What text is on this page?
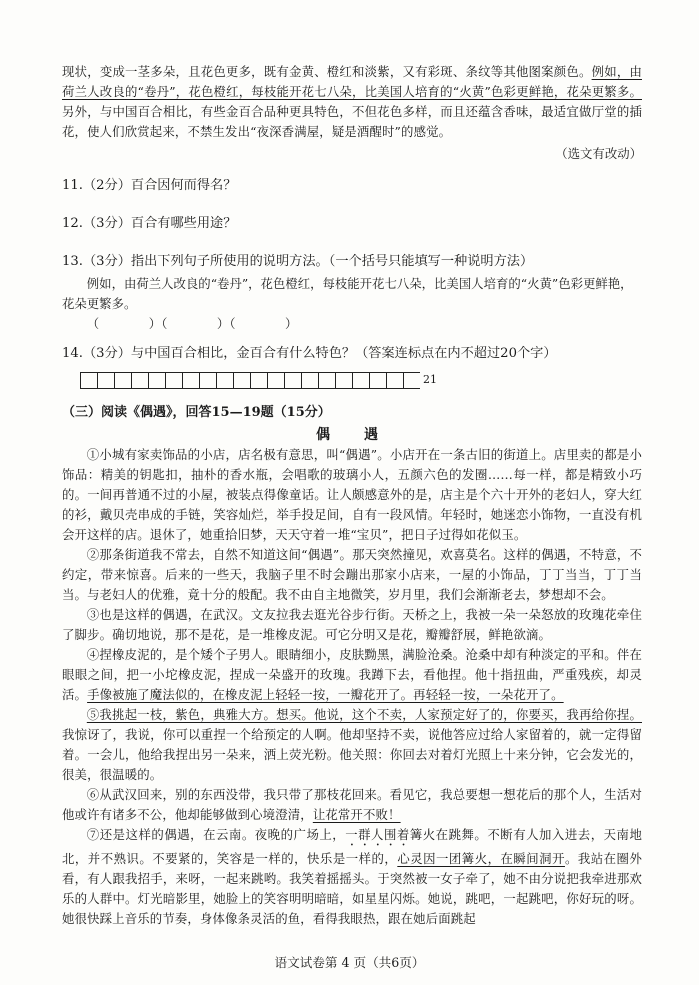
现状，变成一茎多朵，且花色更多，既有金黄、橙红和淡紫，又有彩斑、条纹等其他图案颜色。例如，由荷兰人改良的“卷丹”，花色橙红，每枝能开花七八朵，比美国人培育的“火黄”色彩更鲜艳，花朵更繁多。另外，与中国百合相比，有些金百合品种更具特色，不但花色多样，而且还蕴含香味，最适宜做厅堂的插花，使人们欣赏起来，不禁生发出“夜深香满屋，疑是酒醒时”的感觉。

（选文有改动）

11.（2分）百合因何而得名？

12.（3分）百合有哪些用途？

13.（3分）指出下列句子所使用的说明方法。（一个括号只能填写一种说明方法）

例如，由荷兰人改良的“卷丹”，花色橙红，每枝能开花七八朵，比美国人培育的“火黄”色彩更鲜艳，花朵更繁多。

（　　　　）（　　　　）（　　　　）

14.（3分）与中国百合相比，金百合有什么特色？（答案连标点在内不超过20个字）

21

（三）阅读《偶遇》，回答15—19题（15分）

偶　遇

①小城有家卖饰品的小店，店名极有意思，叫“偶遇”。小店开在一条古旧的街道上。店里卖的都是小饰品：精美的钥匙扣，抽朴的香水瓶，会唱歌的玻璃小人，五颜六色的发圈……每一样，都是精致小巧的。一间再普通不过的小屋，被装点得像童话。让人颇感意外的是，店主是个六十开外的老妇人，穿大红的衫，戴贝壳串成的手链，笑容灿烂，举手投足间，自有一段风情。年轻时，她迷恋小饰物，一直没有机会开这样的店。退休了，她重拾旧梦，天天守着一堆“宝贝”，把日子过得如花似玉。

②那条街道我不常去，自然不知道这间“偶遇”。那天突然撞见，欢喜莫名。这样的偶遇，不特意，不约定，带来惊喜。后来的一些天，我脑子里不时会蹦出那家小店来，一屋的小饰品，丁丁当当，丁丁当当。与老妇人的优雅，竟十分的般配。我不由自主地微笑，岁月里，我们会渐渐老去，梦想却不会。

③也是这样的偶遇，在武汉。文友拉我去逛光谷步行街。天桥之上，我被一朵一朵怒放的玫瑰花牵住了脚步。确切地说，那不是花，是一堆橡皮泥。可它分明又是花，瓣瓣舒展，鲜艳欲滴。

④捏橡皮泥的，是个矮个子男人。眼睛细小，皮肤黝黑，满脸沧桑。沧桑中却有种淡定的平和。伴在眼眼之间，把一小坨橡皮泥，捏成一朵盛开的玫瑰。我蹲下去，看他捏。他十指扭曲，严重残疾，却灵活。手像被施了魔法似的，在橡皮泥上轻轻一按，一瓣花开了。再轻轻一按，一朵花开了。

⑤我挑起一枝，紫色，典雅大方。想买。他说，这个不卖，人家预定好了的，你要买，我再给你捏。我惊讶了，我说，你可以重捏一个给预定的人啊。他却坚持不卖，说他答应过给人家留着的，就一定得留着。一会儿，他给我捏出另一朵来，洒上荧光粉。他关照：你回去对着灯光照上十来分钟，它会发光的，很美，很温暖的。

⑥从武汉回来，别的东西没带，我只带了那枝花回来。看见它，我总要想一想花后的那个人，生活对他或许有诸多不公，他却能够做到心境澄清，让花常开不败！

⑦还是这样的偶遇，在云南。夜晚的广场上，一群人围着篝火在跳舞。不断有人加入进去，天南地北，并不熟识。不要紧的，笑容是一样的，快乐是一样的，心灵因一团篝火，在瞬间洞开。我站在圈外看，有人跟我招手，来呀，一起来跳哟。我笑着摇摇头。于突然被一女子牵了，她不由分说把我牵进那欢乐的人群中。灯光暗影里，她脸上的笑容明明暗暗，如星星闪烁。她说，跳吧，一起跳吧，你好玩的呀。她很快踩上音乐的节奏，身体像条灵活的鱼，看得我眼热，跟在她后面跳起

语文试卷第 4 页（共6页）
